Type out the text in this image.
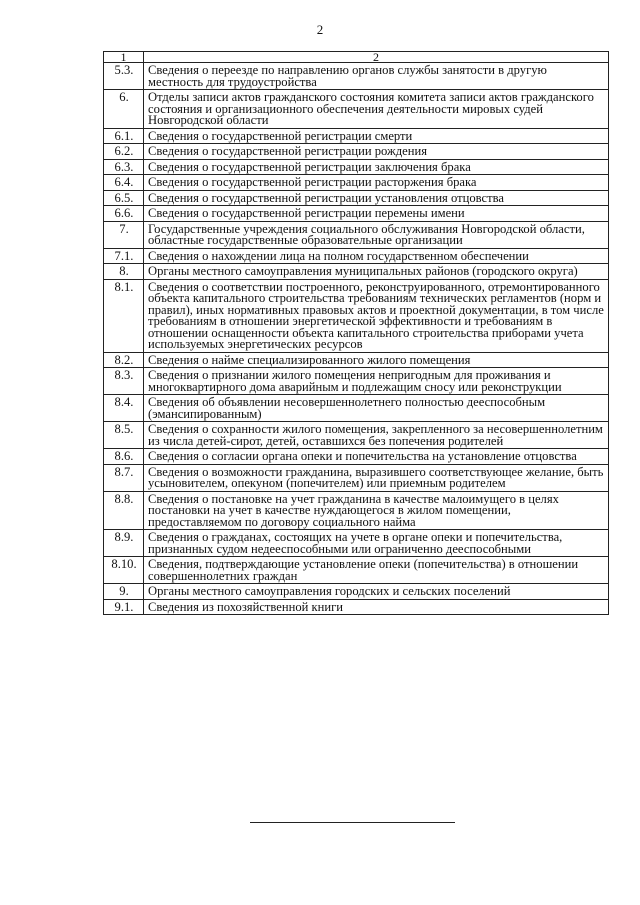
2
1	2
5.3.	Сведения о переезде по направлению органов службы занятости в другую местность для трудоустройства
6.	Отделы записи актов гражданского состояния комитета записи актов гражданского состояния и организационного обеспечения деятельности мировых судей Новгородской области
6.1.	Сведения о государственной регистрации смерти
6.2.	Сведения о государственной регистрации рождения
6.3.	Сведения о государственной регистрации заключения брака
6.4.	Сведения о государственной регистрации расторжения брака
6.5.	Сведения о государственной регистрации установления отцовства
6.6.	Сведения о государственной регистрации перемены имени
7.	Государственные учреждения социального обслуживания Новгородской области, областные государственные образовательные организации
7.1.	Сведения о нахождении лица на полном государственном обеспечении
8.	Органы местного самоуправления муниципальных районов (городского округа)
8.1.	Сведения о соответствии построенного, реконструированного, отремонтированного объекта капитального строительства требованиям технических регламентов (норм и правил), иных нормативных правовых актов и проектной документации, в том числе требованиям в отношении энергетической эффективности и требованиям в отношении оснащенности объекта капитального строительства приборами учета используемых энергетических ресурсов
8.2.	Сведения о найме специализированного жилого помещения
8.3.	Сведения о признании жилого помещения непригодным для проживания и многоквартирного дома аварийным и подлежащим сносу или реконструкции
8.4.	Сведения об объявлении несовершеннолетнего полностью дееспособным (эмансипированным)
8.5.	Сведения о сохранности жилого помещения, закрепленного за несовершеннолетним из числа детей-сирот, детей, оставшихся без попечения родителей
8.6.	Сведения о согласии органа опеки и попечительства на установление отцовства
8.7.	Сведения о возможности гражданина, выразившего соответствующее желание, быть усыновителем, опекуном (попечителем) или приемным родителем
8.8.	Сведения о постановке на учет гражданина в качестве малоимущего в целях постановки на учет в качестве нуждающегося в жилом помещении, предоставляемом по договору социального найма
8.9.	Сведения о гражданах, состоящих на учете в органе опеки и попечительства, признанных судом недееспособными или ограниченно дееспособными
8.10.	Сведения, подтверждающие установление опеки (попечительства) в отношении совершеннолетних граждан
9.	Органы местного самоуправления городских и сельских поселений
9.1.	Сведения из похозяйственной книги
